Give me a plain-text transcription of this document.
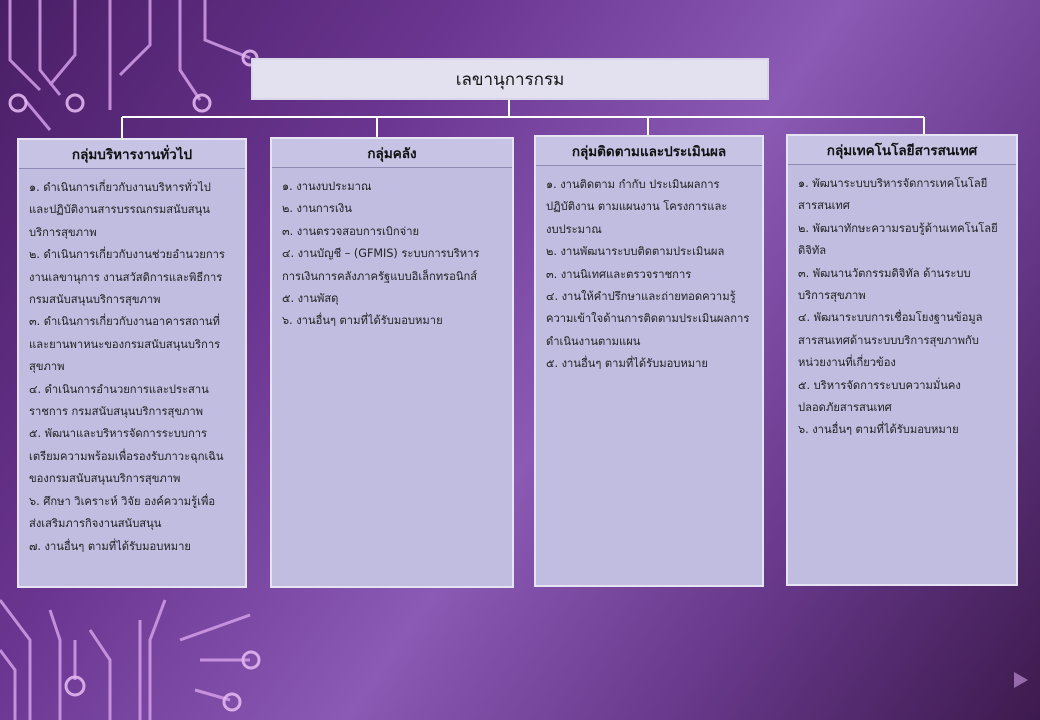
เลขานุการกรม
กลุ่มบริหารงานทั่วไป
๑. ดำเนินการเกี่ยวกับงานบริหารทั่วไป
และปฏิบัติงานสารบรรณกรมสนับสนุน
บริการสุขภาพ
๒. ดำเนินการเกี่ยวกับงานช่วยอำนวยการ
งานเลขานุการ งานสวัสดิการและพิธีการ
กรมสนับสนุนบริการสุขภาพ
๓. ดำเนินการเกี่ยวกับงานอาคารสถานที่
และยานพาหนะของกรมสนับสนุนบริการ
สุขภาพ
๔. ดำเนินการอำนวยการและประสาน
ราชการ กรมสนับสนุนบริการสุขภาพ
๕. พัฒนาและบริหารจัดการระบบการ
เตรียมความพร้อมเพื่อรองรับภาวะฉุกเฉิน
ของกรมสนับสนุนบริการสุขภาพ
๖. ศึกษา วิเคราะห์ วิจัย องค์ความรู้เพื่อ
ส่งเสริมภารกิจงานสนับสนุน
๗. งานอื่นๆ ตามที่ได้รับมอบหมาย
กลุ่มคลัง
๑. งานงบประมาณ
๒. งานการเงิน
๓. งานตรวจสอบการเบิกจ่าย
๔. งานบัญชี – (GFMIS) ระบบการบริหาร
การเงินการคลังภาครัฐแบบอิเล็กทรอนิกส์
๕. งานพัสดุ
๖. งานอื่นๆ ตามที่ได้รับมอบหมาย
กลุ่มติดตามและประเมินผล
๑. งานติดตาม กำกับ ประเมินผลการ
ปฏิบัติงาน ตามแผนงาน โครงการและ
งบประมาณ
๒. งานพัฒนาระบบติดตามประเมินผล
๓. งานนิเทศและตรวจราชการ
๔. งานให้คำปรึกษาและถ่ายทอดความรู้
ความเข้าใจด้านการติดตามประเมินผลการ
ดำเนินงานตามแผน
๕. งานอื่นๆ ตามที่ได้รับมอบหมาย
กลุ่มเทคโนโลยีสารสนเทศ
๑. พัฒนาระบบบริหารจัดการเทคโนโลยี
สารสนเทศ
๒. พัฒนาทักษะความรอบรู้ด้านเทคโนโลยี
ดิจิทัล
๓. พัฒนานวัตกรรมดิจิทัล ด้านระบบ
บริการสุขภาพ
๔. พัฒนาระบบการเชื่อมโยงฐานข้อมูล
สารสนเทศด้านระบบบริการสุขภาพกับ
หน่วยงานที่เกี่ยวข้อง
๕. บริหารจัดการระบบความมั่นคง
ปลอดภัยสารสนเทศ
๖. งานอื่นๆ ตามที่ได้รับมอบหมาย
